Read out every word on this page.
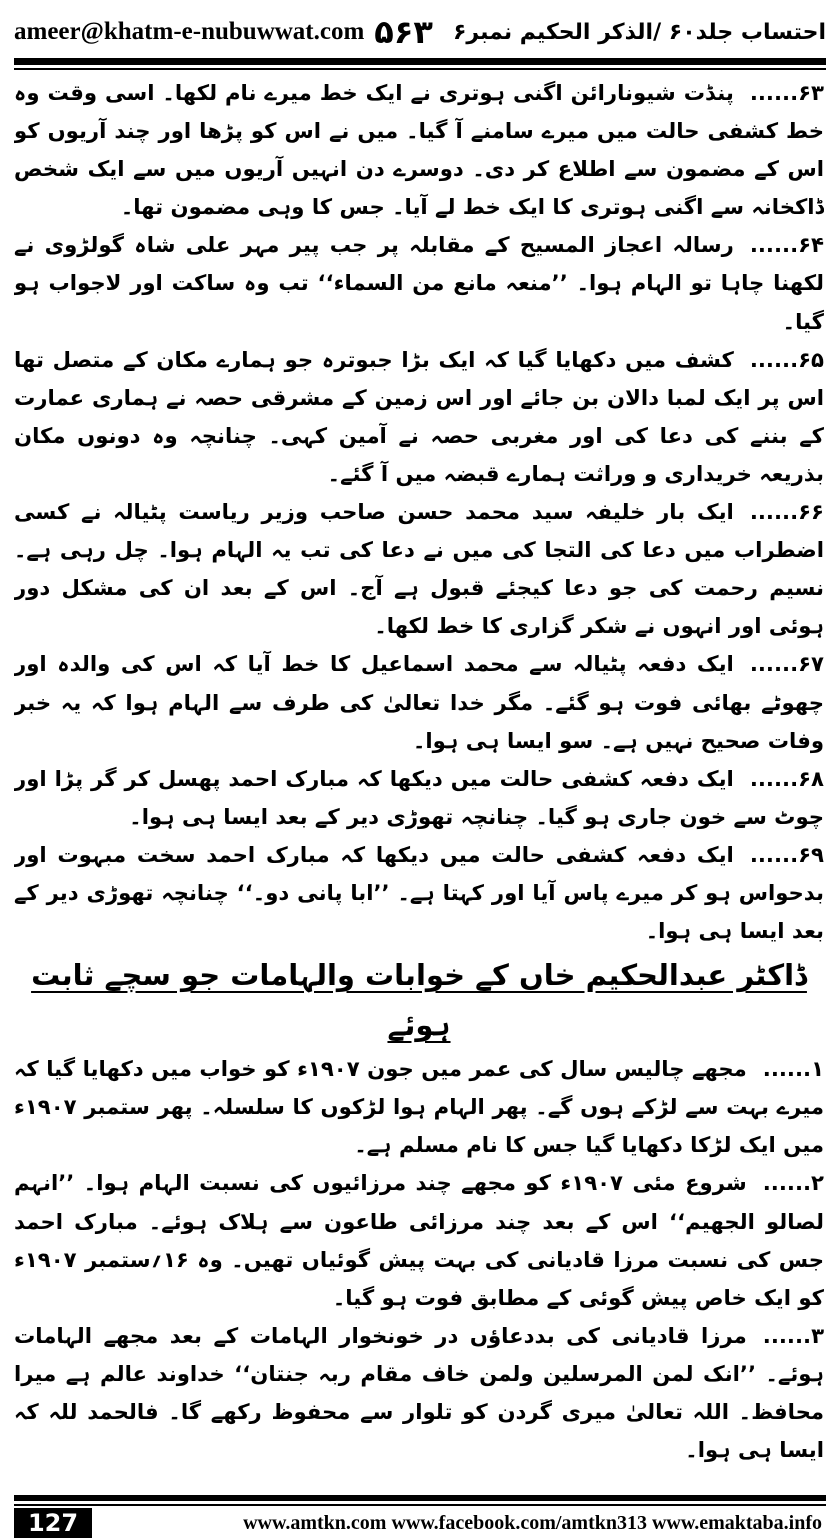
ameer@khatm-e-nubuwwat.com ۵۶۳ احتساب جلد۶۰ /الذکر الحکیم نمبر۶

۶۳......پنڈت شیونارائن اگنی ہوتری نے ایک خط میرے نام لکھا۔ اسی وقت وہ خط کشفی حالت میں میرے سامنے آ گیا۔ میں نے اس کو پڑھا اور چند آریوں کو اس کے مضمون سے اطلاع کر دی۔ دوسرے دن انہیں آریوں میں سے ایک شخص ڈاکخانہ سے اگنی ہوتری کا ایک خط لے آیا۔ جس کا وہی مضمون تھا۔

۶۴......رسالہ اعجاز المسیح کے مقابلہ پر جب پیر مہر علی شاہ گولڑوی نے لکھنا چاہا تو الہام ہوا۔ ’’منعہ مانع من السماء‘‘ تب وہ ساکت اور لاجواب ہو گیا۔

۶۵......کشف میں دکھایا گیا کہ ایک بڑا جبوترہ جو ہمارے مکان کے متصل تھا اس پر ایک لمبا دالان بن جائے اور اس زمین کے مشرقی حصہ نے ہماری عمارت کے بننے کی دعا کی اور مغربی حصہ نے آمین کہی۔ چنانچہ وہ دونوں مکان بذریعہ خریداری و وراثت ہمارے قبضہ میں آ گئے۔

۶۶......ایک بار خلیفہ سید محمد حسن صاحب وزیر ریاست پٹیالہ نے کسی اضطراب میں دعا کی التجا کی میں نے دعا کی تب یہ الہام ہوا۔ چل رہی ہے۔ نسیم رحمت کی جو دعا کیجئے قبول ہے آج۔ اس کے بعد ان کی مشکل دور ہوئی اور انہوں نے شکر گزاری کا خط لکھا۔

۶۷......ایک دفعہ پٹیالہ سے محمد اسماعیل کا خط آیا کہ اس کی والدہ اور چھوٹے بھائی فوت ہو گئے۔ مگر خدا تعالیٰ کی طرف سے الہام ہوا کہ یہ خبر وفات صحیح نہیں ہے۔ سو ایسا ہی ہوا۔

۶۸......ایک دفعہ کشفی حالت میں دیکھا کہ مبارک احمد پھسل کر گر پڑا اور چوٹ سے خون جاری ہو گیا۔ چنانچہ تھوڑی دیر کے بعد ایسا ہی ہوا۔

۶۹......ایک دفعہ کشفی حالت میں دیکھا کہ مبارک احمد سخت مبہوت اور بدحواس ہو کر میرے پاس آیا اور کہتا ہے۔ ’’ابا پانی دو۔‘‘ چنانچہ تھوڑی دیر کے بعد ایسا ہی ہوا۔

ڈاکٹر عبدالحکیم خاں کے خوابات والہامات جو سچے ثابت ہوئے

۱......مجھے چالیس سال کی عمر میں جون ۱۹۰۷ء کو خواب میں دکھایا گیا کہ میرے بہت سے لڑکے ہوں گے۔ پھر الہام ہوا لڑکوں کا سلسلہ۔ پھر ستمبر ۱۹۰۷ء میں ایک لڑکا دکھایا گیا جس کا نام مسلم ہے۔

۲......شروع مئی ۱۹۰۷ء کو مجھے چند مرزائیوں کی نسبت الہام ہوا۔ ’’انہم لصالو الجھیم‘‘ اس کے بعد چند مرزائی طاعون سے ہلاک ہوئے۔ مبارک احمد جس کی نسبت مرزا قادیانی کی بہت پیش گوئیاں تھیں۔ وہ ۱۶؍ستمبر ۱۹۰۷ء کو ایک خاص پیش گوئی کے مطابق فوت ہو گیا۔

۳......مرزا قادیانی کی بددعاؤں در خونخوار الہامات کے بعد مجھے الہامات ہوئے۔ ’’انک لمن المرسلین ولمن خاف مقام ربہ جنتان‘‘ خداوند عالم ہے میرا محافظ۔ اللہ تعالیٰ میری گردن کو تلوار سے محفوظ رکھے گا۔ فالحمد للہ کہ ایسا ہی ہوا۔

127	www.amtkn.com www.facebook.com/amtkn313 www.emaktaba.info
